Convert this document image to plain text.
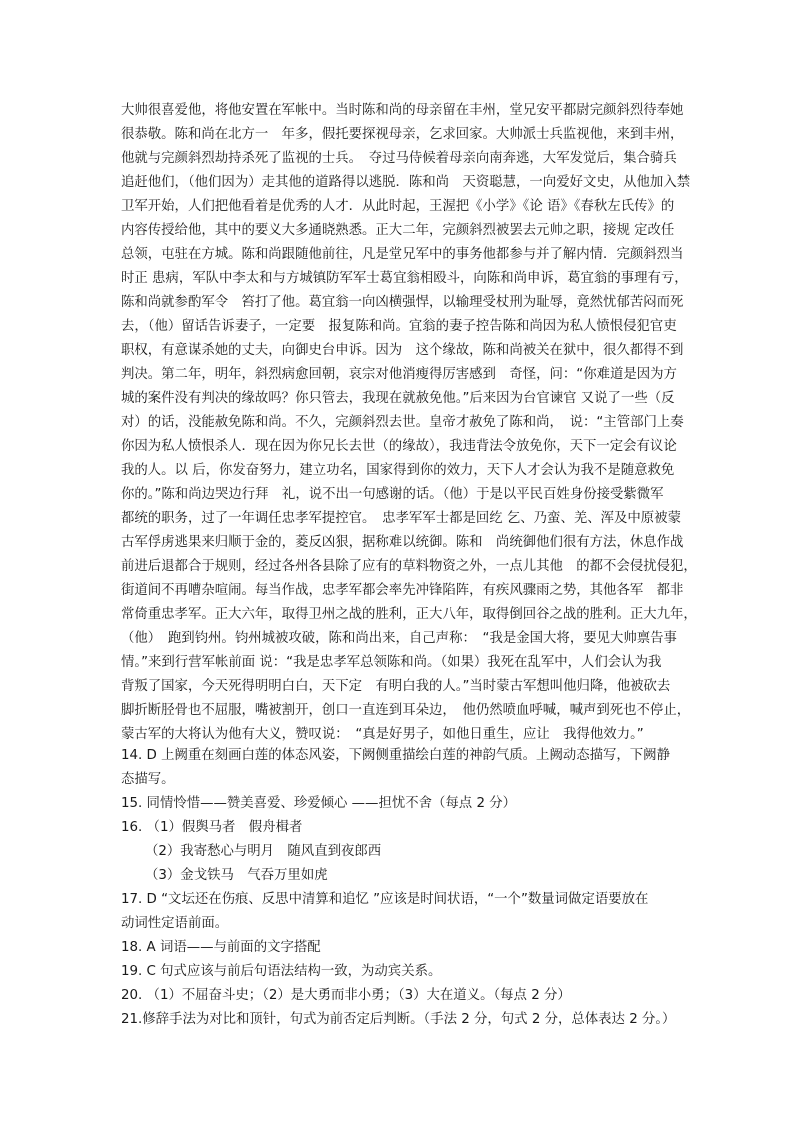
大帅很喜爱他，将他安置在军帐中。当时陈和尚的母亲留在丰州，堂兄安平都尉完颜斜烈待奉她
很恭敬。陈和尚在北方一　年多，假托要探视母亲，乞求回家。大帅派士兵监视他，来到丰州，
他就与完颜斜烈劫持杀死了监视的士兵。　夺过马侍候着母亲向南奔逃，大军发觉后，集合骑兵
追赶他们，（他们因为）走其他的道路得以逃脱．陈和尚　天资聪慧，一向爱好文史，从他加入禁
卫军开始，人们把他看着是优秀的人才．从此时起，王渥把《小学》《论 语》《春秋左氏传》的
内容传授给他，其中的要义大多通晓熟悉。正大二年，完颜斜烈被罢去元帅之职，接规 定改任
总领，屯驻在方城。陈和尚跟随他前往，凡是堂兄军中的事务他都参与并了解内情．完颜斜烈当
时正 患病，军队中李太和与方城镇防军军士葛宜翁相殴斗，向陈和尚申诉，葛宜翁的事理有亏，
陈和尚就参酌军令　笞打了他。葛宜翁一向凶横强悍，以输理受杖刑为耻辱，竟然忧郁苦闷而死
去，（他）留话告诉妻子，一定要　报复陈和尚。宜翁的妻子控告陈和尚因为私人愤恨侵犯官吏
职权，有意谋杀她的丈夫，向御史台申诉。因为　这个缘故，陈和尚被关在狱中，很久都得不到
判决。第二年，明年，斜烈病愈回朝，哀宗对他消瘦得厉害感到　奇怪，问：“你难道是因为方
城的案件没有判决的缘故吗？你只管去，我现在就赦免他。”后来因为台官谏官 又说了一些（反
对）的话，没能赦免陈和尚。不久，完颜斜烈去世。皇帝才赦免了陈和尚，　说：“主管部门上奏
你因为私人愤恨杀人．现在因为你兄长去世（的缘故），我违背法令放免你，天下一定会有议论
我的人。以 后，你发奋努力，建立功名，国家得到你的效力，天下人才会认为我不是随意救免
你的。”陈和尚边哭边行拜　礼，说不出一句感谢的话。（他）于是以平民百姓身份接受紫微军
都统的职务，过了一年调任忠孝军提控官。　忠孝军军士都是回纥 乞、乃蛮、羌、浑及中原被蒙
古军俘虏逃果来归顺于金的，菱反凶狠，据称难以统御。陈和　尚统御他们很有方法，休息作战
前进后退都合于规则，经过各州各县除了应有的草料物资之外，一点儿其他　的都不会侵扰侵犯，
街道间不再嘈杂喧闹。每当作战，忠孝军都会率先冲锋陷阵，有疾风骤雨之势，其他各军　都非
常倚重忠孝军。正大六年，取得卫州之战的胜利，正大八年，取得倒回谷之战的胜利。正大九年，
（他）　跑到钧州。钧州城被攻破，陈和尚出来，自己声称：　“我是金国大将，要见大帅禀告事
情。”来到行营军帐前面 说：“我是忠孝军总领陈和尚。（如果）我死在乱军中，人们会认为我
背叛了国家，今天死得明明白白，天下定　有明白我的人。”当时蒙古军想叫他归降，他被砍去
脚折断胫骨也不屈服，嘴被割开，创口一直连到耳朵边，　他仍然喷血呼喊，喊声到死也不停止，
蒙古军的大将认为他有大义，赞叹说：　“真是好男子，如他日重生，应让　我得他效力。”
14. D 上阙重在刻画白莲的体态风姿，下阙侧重描绘白莲的神韵气质。上阙动态描写，下阙静
态描写。
15. 同情怜惜——赞美喜爱、珍爱倾心 ——担忧不舍（每点 2 分）
16. （1）假舆马者　假舟楫者
（2）我寄愁心与明月　随风直到夜郎西
（3）金戈铁马　气吞万里如虎
17. D “文坛还在伤痕、反思中清算和追忆 ”应该是时间状语，“一个”数量词做定语要放在
动词性定语前面。
18. A 词语——与前面的文字搭配
19. C 句式应该与前后句语法结构一致，为动宾关系。
20. （1）不屈奋斗史；（2）是大勇而非小勇；（3）大在道义。（每点 2 分）
21.修辞手法为对比和顶针，句式为前否定后判断。（手法 2 分，句式 2 分，总体表达 2 分。）
